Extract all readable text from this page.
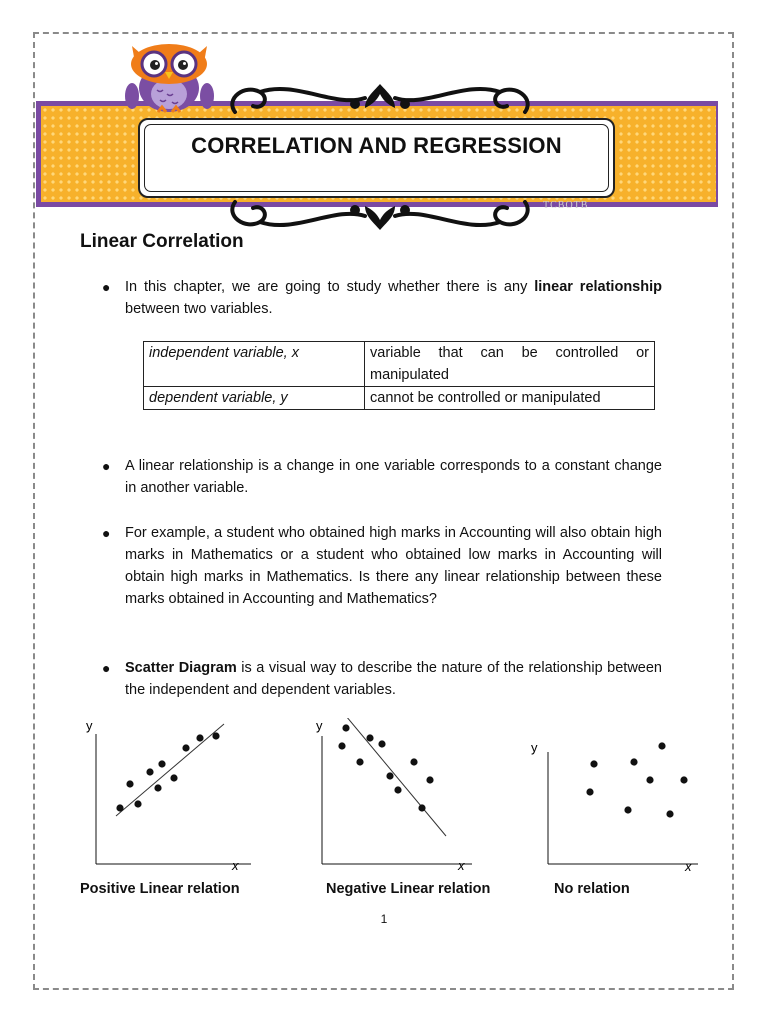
CORRELATION AND REGRESSION
TCBOTB
Linear Correlation
● In this chapter, we are going to study whether there is any linear relationship between two variables.
independent variable, x	variable that can be controlled or manipulated
dependent variable, y	cannot be controlled or manipulated
● A linear relationship is a change in one variable corresponds to a constant change in another variable.
● For example, a student who obtained high marks in Accounting will also obtain high marks in Mathematics or a student who obtained low marks in Accounting will obtain high marks in Mathematics. Is there any linear relationship between these marks obtained in Accounting and Mathematics?
● Scatter Diagram is a visual way to describe the nature of the relationship between the independent and dependent variables.
y
x
y
x
y
x
Positive Linear relation	Negative Linear relation	No relation
1
